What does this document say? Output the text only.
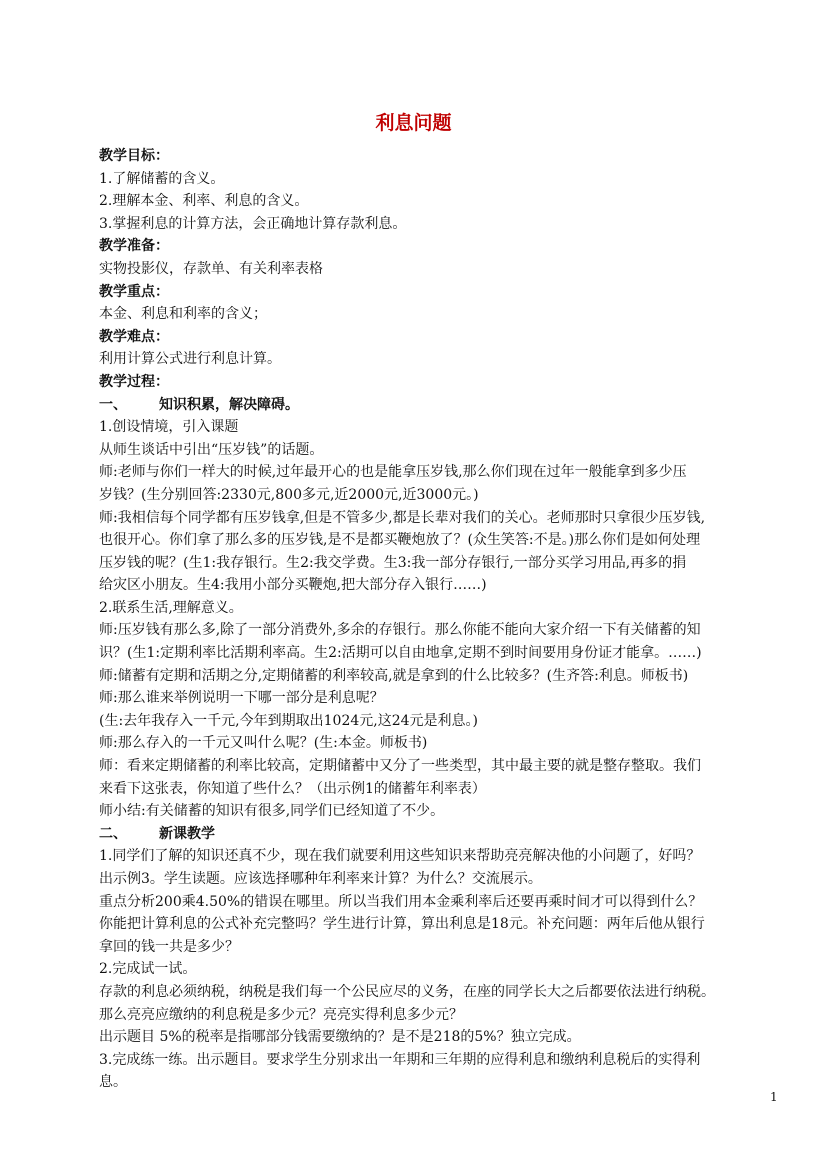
利息问题
教学目标：
1.了解储蓄的含义。
2.理解本金、利率、利息的含义。
3.掌握利息的计算方法，会正确地计算存款利息。
教学准备：
实物投影仪，存款单、有关利率表格
教学重点：
本金、利息和利率的含义；
教学难点：
利用计算公式进行利息计算。
教学过程：
一、 知识积累，解决障碍。
1.创设情境，引入课题
从师生谈话中引出“压岁钱”的话题。
师:老师与你们一样大的时候,过年最开心的也是能拿压岁钱,那么你们现在过年一般能拿到多少压
岁钱？(生分别回答:2330元,800多元,近2000元,近3000元。)
师:我相信每个同学都有压岁钱拿,但是不管多少,都是长辈对我们的关心。老师那时只拿很少压岁钱,
也很开心。你们拿了那么多的压岁钱,是不是都买鞭炮放了？(众生笑答:不是。)那么你们是如何处理
压岁钱的呢？(生1:我存银行。生2:我交学费。生3:我一部分存银行,一部分买学习用品,再多的捐
给灾区小朋友。生4:我用小部分买鞭炮,把大部分存入银行……)
2.联系生活,理解意义。
师:压岁钱有那么多,除了一部分消费外,多余的存银行。那么你能不能向大家介绍一下有关储蓄的知
识？(生1:定期利率比活期利率高。生2:活期可以自由地拿,定期不到时间要用身份证才能拿。……)
师:储蓄有定期和活期之分,定期储蓄的利率较高,就是拿到的什么比较多？(生齐答:利息。师板书)
师:那么谁来举例说明一下哪一部分是利息呢？
(生:去年我存入一千元,今年到期取出1024元,这24元是利息。)
师:那么存入的一千元又叫什么呢？(生:本金。师板书)
师：看来定期储蓄的利率比较高，定期储蓄中又分了一些类型，其中最主要的就是整存整取。我们
来看下这张表，你知道了些什么？（出示例1的储蓄年利率表）
师小结:有关储蓄的知识有很多,同学们已经知道了不少。
二、 新课教学
1.同学们了解的知识还真不少，现在我们就要利用这些知识来帮助亮亮解决他的小问题了，好吗？
出示例3。学生读题。应该选择哪种年利率来计算？为什么？交流展示。
重点分析200乘4.50%的错误在哪里。所以当我们用本金乘利率后还要再乘时间才可以得到什么？
你能把计算利息的公式补充完整吗？学生进行计算，算出利息是18元。补充问题：两年后他从银行
拿回的钱一共是多少？
2.完成试一试。
存款的利息必须纳税，纳税是我们每一个公民应尽的义务，在座的同学长大之后都要依法进行纳税。
那么亮亮应缴纳的利息税是多少元？亮亮实得利息多少元？
出示题目 5%的税率是指哪部分钱需要缴纳的？是不是218的5%？独立完成。
3.完成练一练。出示题目。要求学生分别求出一年期和三年期的应得利息和缴纳利息税后的实得利
息。
1
